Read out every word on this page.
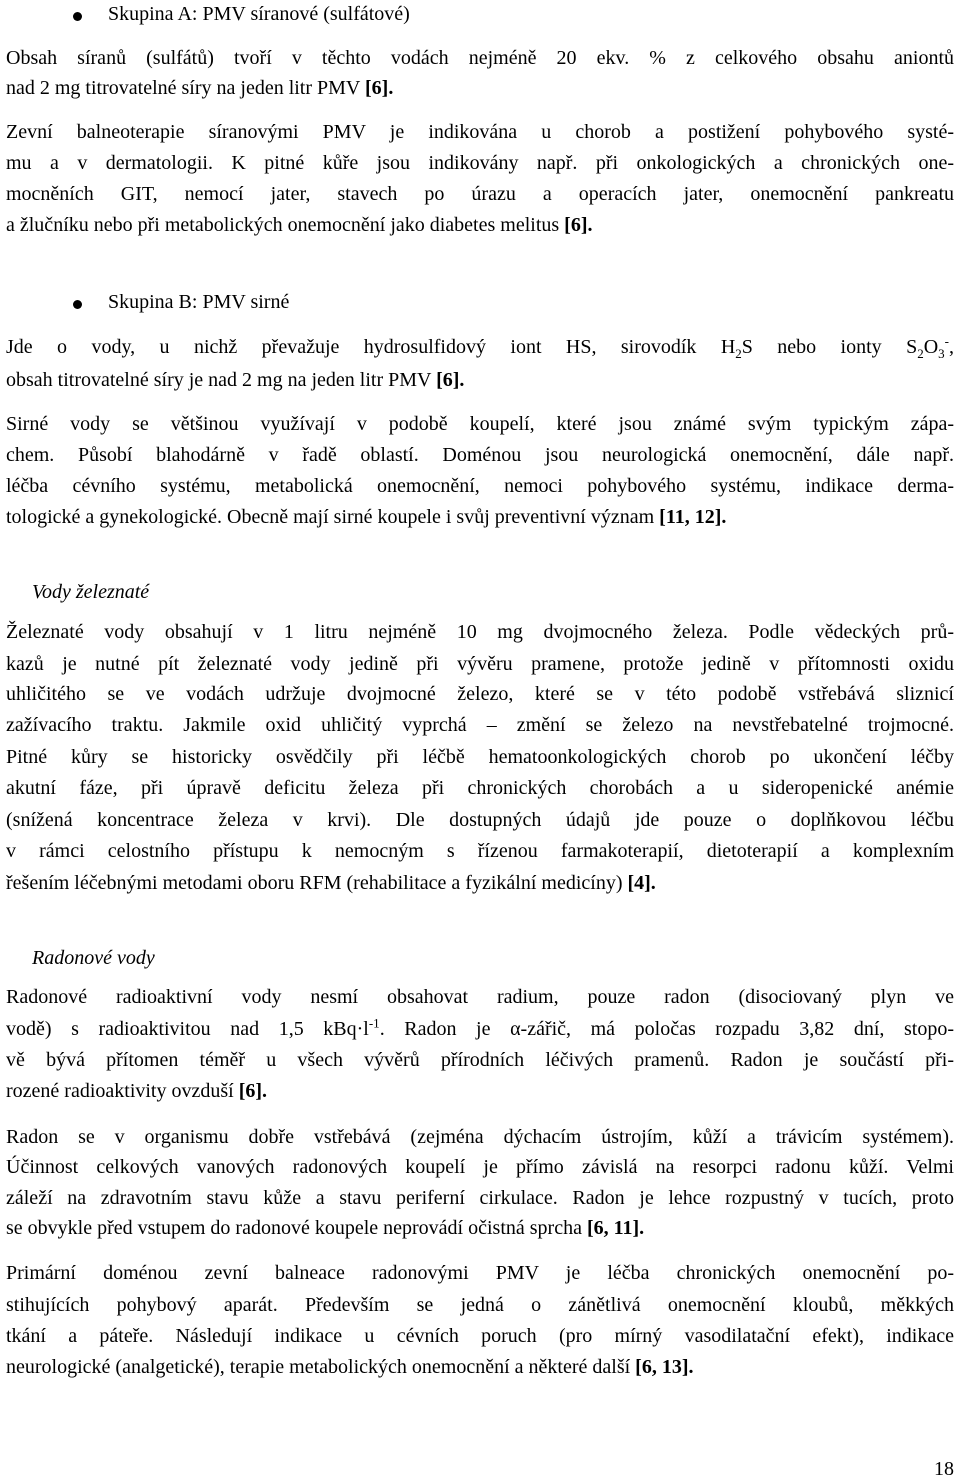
Skupina A: PMV síranové (sulfátové)
Obsah síranů (sulfátů) tvoří v těchto vodách nejméně 20 ekv. % z celkového obsahu aniontů
nad 2 mg titrovatelné síry na jeden litr PMV [6].
Zevní balneoterapie síranovými PMV je indikována u chorob a postižení pohybového systé-
mu a v dermatologii. K pitné kůře jsou indikovány např. při onkologických a chronických one-
mocněních GIT, nemocí jater, stavech po úrazu a operacích jater, onemocnění pankreatu
a žlučníku nebo při metabolických onemocnění jako diabetes melitus [6].
Skupina B: PMV sirné
Jde o vody, u nichž převažuje hydrosulfidový iont HS, sirovodík $H_2S$ nebo ionty $S_2O_3^-$,
obsah titrovatelné síry je nad 2 mg na jeden litr PMV [6].
Sirné vody se většinou využívají v podobě koupelí, které jsou známé svým typickým zápa-
chem. Působí blahodárně v řadě oblastí. Doménou jsou neurologická onemocnění, dále např.
léčba cévního systému, metabolická onemocnění, nemoci pohybového systému, indikace derma-
tologické a gynekologické. Obecně mají sirné koupele i svůj preventivní význam [11, 12].
Vody železnaté
Železnaté vody obsahují v 1 litru nejméně 10 mg dvojmocného železa. Podle vědeckých prů-
kazů je nutné pít železnaté vody jedině při vývěru pramene, protože jedině v přítomnosti oxidu
uhličitého se ve vodách udržuje dvojmocné železo, které se v této podobě vstřebává sliznicí
zažívacího traktu. Jakmile oxid uhličitý vyprchá – změní se železo na nevstřebatelné trojmocné.
Pitné kůry se historicky osvědčily při léčbě hematoonkologických chorob po ukončení léčby
akutní fáze, při úpravě deficitu železa při chronických chorobách a u sideropenické anémie
(snížená koncentrace železa v krvi). Dle dostupných údajů jde pouze o doplňkovou léčbu
v rámci celostního přístupu k nemocným s řízenou farmakoterapií, dietoterapií a komplexním
řešením léčebnými metodami oboru RFM (rehabilitace a fyzikální medicíny) [4].
Radonové vody
Radonové radioaktivní vody nesmí obsahovat radium, pouze radon (disociovaný plyn ve
vodě) s radioaktivitou nad 1,5 $kBq\cdot l^{-1}$. Radon je α-zářič, má poločas rozpadu 3,82 dní, stopo-
vě bývá přítomen téměř u všech vývěrů přírodních léčivých pramenů. Radon je součástí při-
rozené radioaktivity ovzduší [6].
Radon se v organismu dobře vstřebává (zejména dýchacím ústrojím, kůží a trávicím systémem).
Účinnost celkových vanových radonových koupelí je přímo závislá na resorpci radonu kůží. Velmi
záleží na zdravotním stavu kůže a stavu periferní cirkulace. Radon je lehce rozpustný v tucích, proto
se obvykle před vstupem do radonové koupele neprovádí očistná sprcha [6, 11].
Primární doménou zevní balneace radonovými PMV je léčba chronických onemocnění po-
stihujících pohybový aparát. Především se jedná o zánětlivá onemocnění kloubů, měkkých
tkání a páteře. Následují indikace u cévních poruch (pro mírný vasodilatační efekt), indikace
neurologické (analgetické), terapie metabolických onemocnění a některé další [6, 13].
18
